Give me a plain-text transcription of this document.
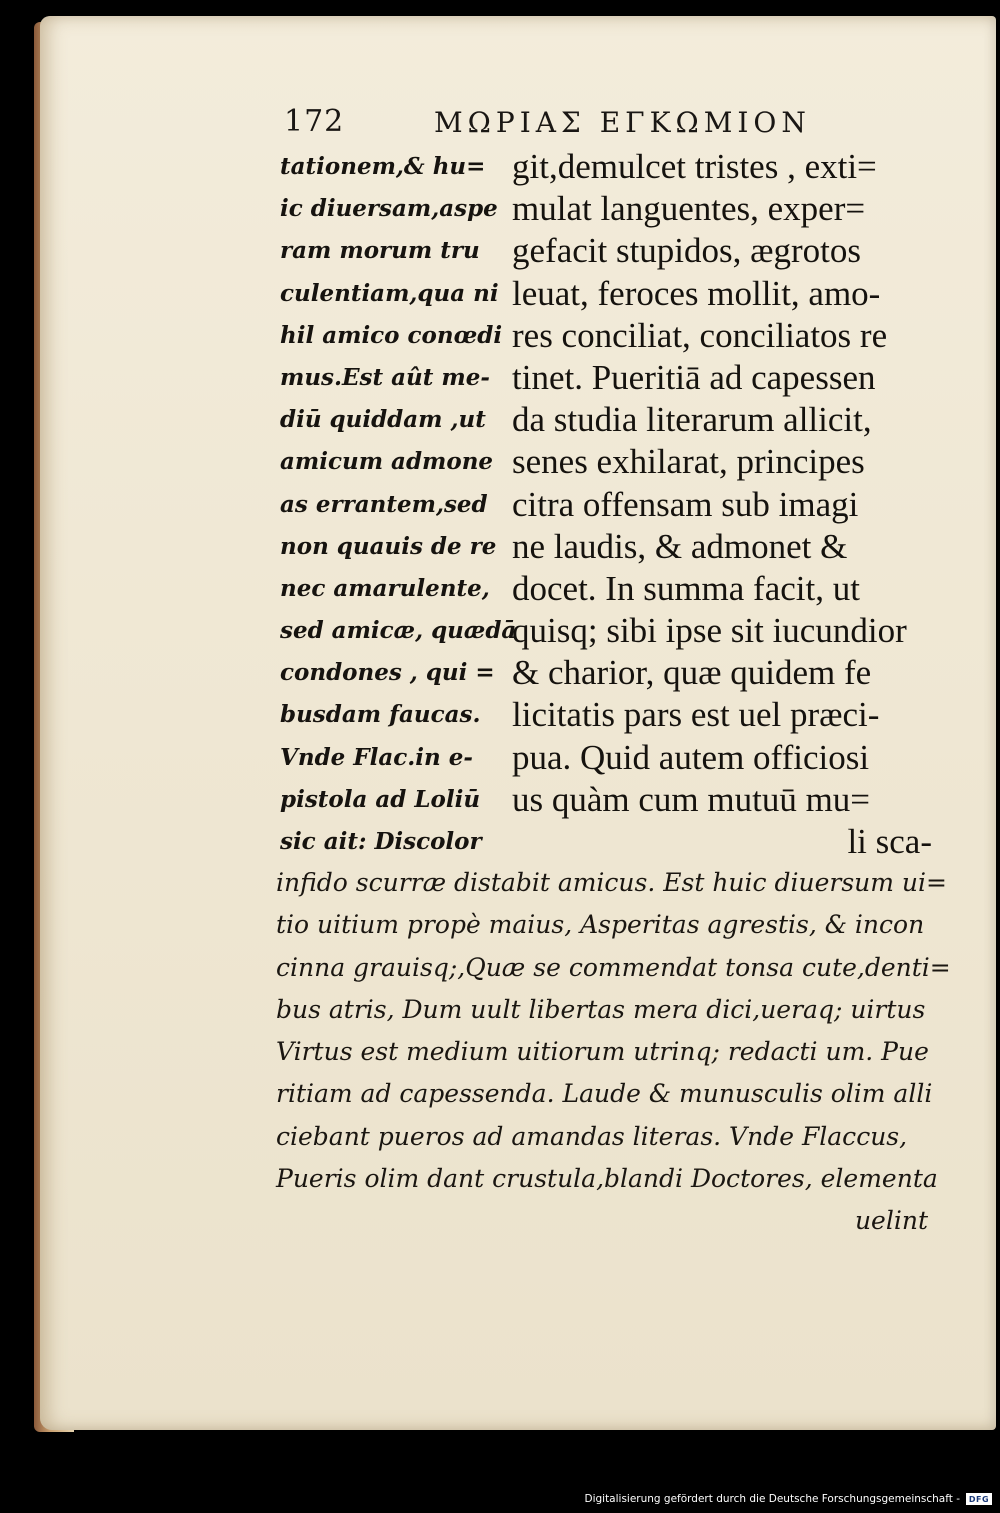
172	ΜΩΡΙΑΣ ΕΓΚΩΜΙΟΝ
tationem,& hu=
ic diuersam,aspe
ram morum tru
culentiam,qua ni
hil amico conœdi
mus.Est aût me-
diū quiddam ,ut
amicum admone
as errantem,sed
non quauis de re
nec amarulente,
sed amicæ, quædā
condones , qui =
busdam faucas.
Vnde Flac.in e-
pistola ad Loliū
sic ait: Discolor
git,demulcet tristes , exti=
mulat languentes, exper=
gefacit stupidos, ægrotos
leuat, feroces mollit, amo-
res conciliat, conciliatos re
tinet. Pueritiā ad capessen
da studia literarum allicit,
senes exhilarat, principes
citra offensam sub imagi
ne laudis, & admonet &
docet. In summa facit, ut
quisq; sibi ipse sit iucundior
& charior, quæ quidem fe
licitatis pars est uel præci-
pua. Quid autem officiosi
us quàm cum mutuū mu=
li sca-
infido scurræ distabit amicus. Est huic diuersum ui=
tio uitium propè maius, Asperitas agrestis, & incon
cinna grauisq;,Quæ se commendat tonsa cute,denti=
bus atris, Dum uult libertas mera dici,ueraq; uirtus
Virtus est medium uitiorum utrinq; redacti um. Pue
ritiam ad capessenda. Laude & munusculis olim alli
ciebant pueros ad amandas literas. Vnde Flaccus,
Pueris olim dant crustula,blandi Doctores, elementa
uelint
Digitalisierung gefördert durch die Deutsche Forschungsgemeinschaft -	DFG
